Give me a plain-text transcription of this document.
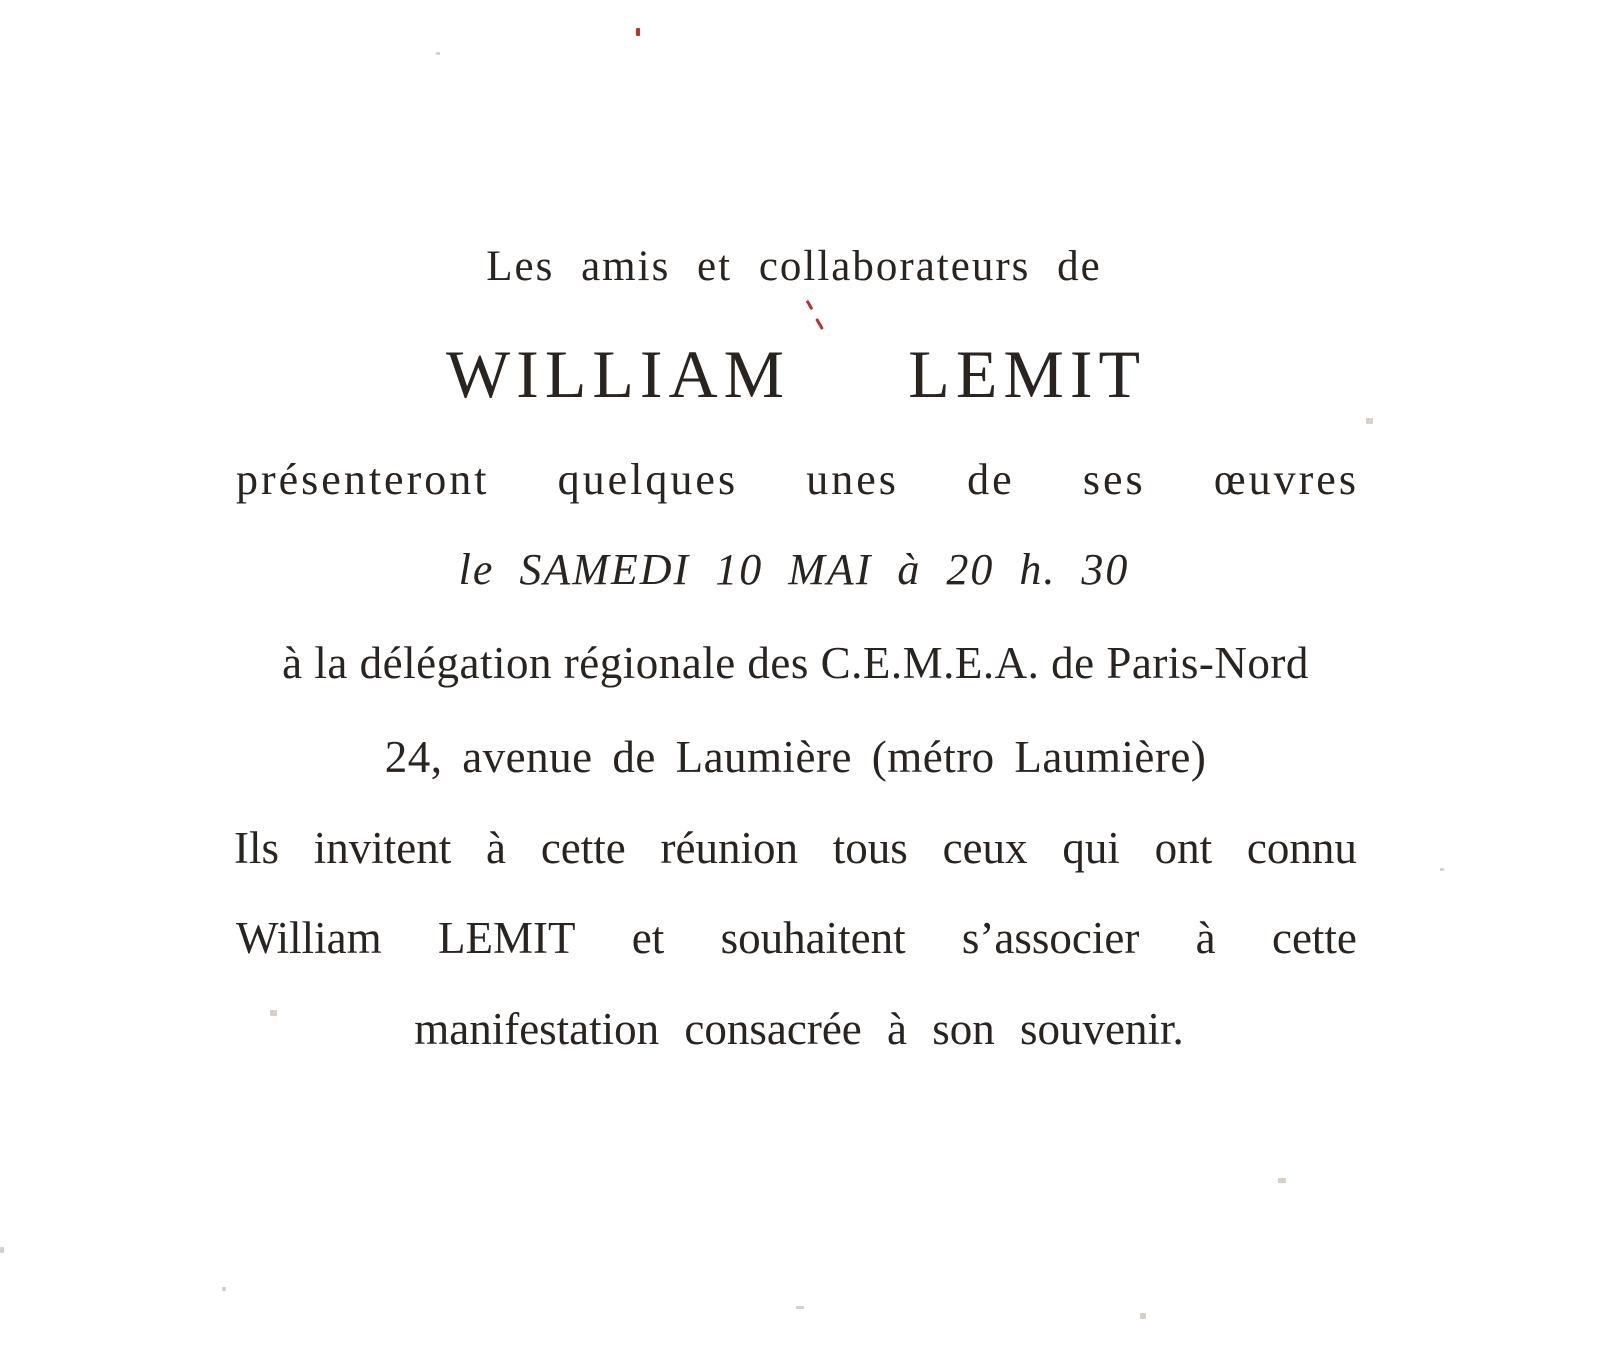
Les amis et collaborateurs de
WILLIAM LEMIT
présenteront quelques unes de ses œuvres
le SAMEDI 10 MAI à 20 h. 30
à la délégation régionale des C.E.M.E.A. de Paris-Nord
24, avenue de Laumière (métro Laumière)
Ils invitent à cette réunion tous ceux qui ont connu
William LEMIT et souhaitent s’associer à cette
manifestation consacrée à son souvenir.
